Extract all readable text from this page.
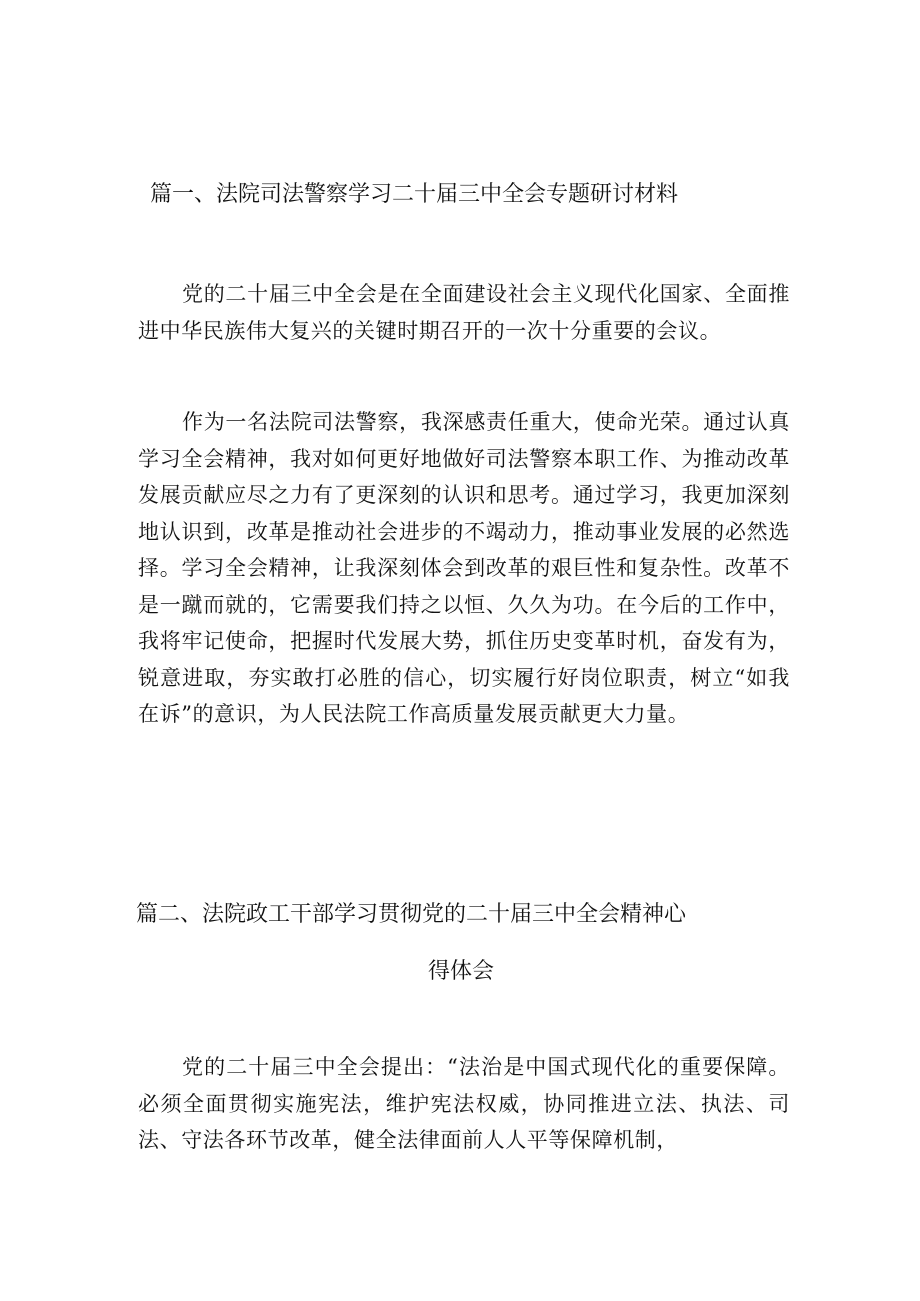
篇一、法院司法警察学习二十届三中全会专题研讨材料

党的二十届三中全会是在全面建设社会主义现代化国家、全面推进中华民族伟大复兴的关键时期召开的一次十分重要的会议。

作为一名法院司法警察，我深感责任重大，使命光荣。通过认真学习全会精神，我对如何更好地做好司法警察本职工作、为推动改革发展贡献应尽之力有了更深刻的认识和思考。通过学习，我更加深刻地认识到，改革是推动社会进步的不竭动力，推动事业发展的必然选择。学习全会精神，让我深刻体会到改革的艰巨性和复杂性。改革不是一蹴而就的，它需要我们持之以恒、久久为功。在今后的工作中，我将牢记使命，把握时代发展大势，抓住历史变革时机，奋发有为，锐意进取，夯实敢打必胜的信心，切实履行好岗位职责，树立“如我在诉”的意识，为人民法院工作高质量发展贡献更大力量。

篇二、法院政工干部学习贯彻党的二十届三中全会精神心
得体会

党的二十届三中全会提出：“法治是中国式现代化的重要保障。必须全面贯彻实施宪法，维护宪法权威，协同推进立法、执法、司法、守法各环节改革，健全法律面前人人平等保障机制，
